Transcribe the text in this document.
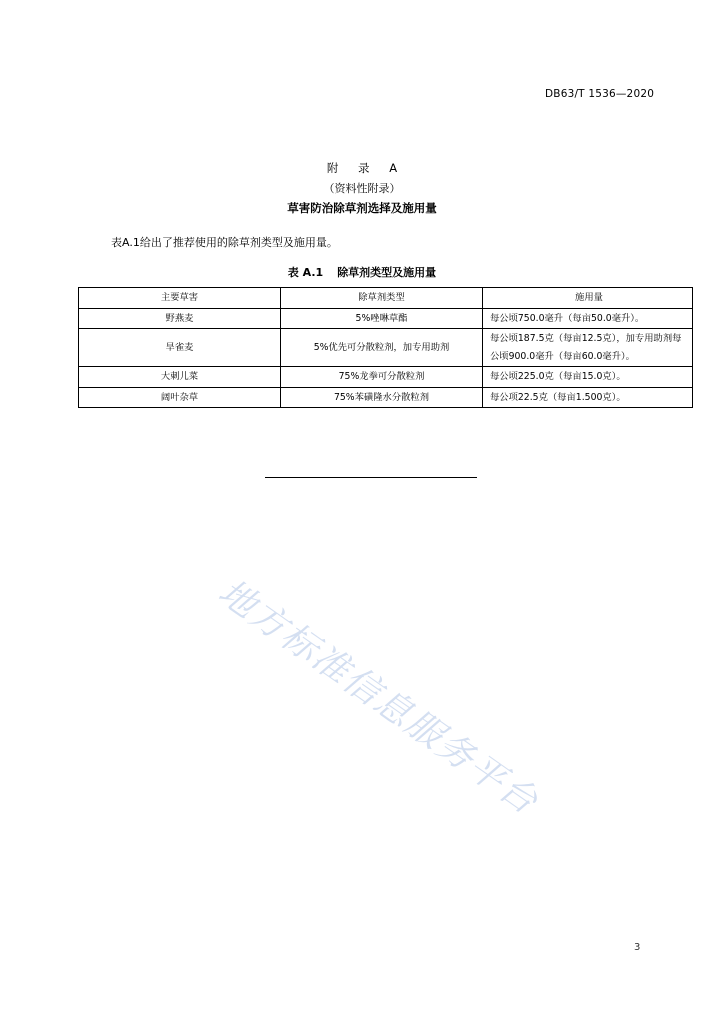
DB63/T 1536—2020
附 录 A
（资料性附录）
草害防治除草剂选择及施用量
表A.1给出了推荐使用的除草剂类型及施用量。
表 A.1 除草剂类型及施用量
主要草害	除草剂类型	施用量
野燕麦	5%唑啉草酯	每公顷750.0毫升（每亩50.0毫升）。
旱雀麦	5%优先可分散粒剂，加专用助剂	每公顷187.5克（每亩12.5克），加专用助剂每公顷900.0毫升（每亩60.0毫升）。
大刺儿菜	75%龙拳可分散粒剂	每公顷225.0克（每亩15.0克）。
阔叶杂草	75%苯磺隆水分散粒剂	每公项22.5克（每亩1.500克）。
地方标准信息服务平台
3
